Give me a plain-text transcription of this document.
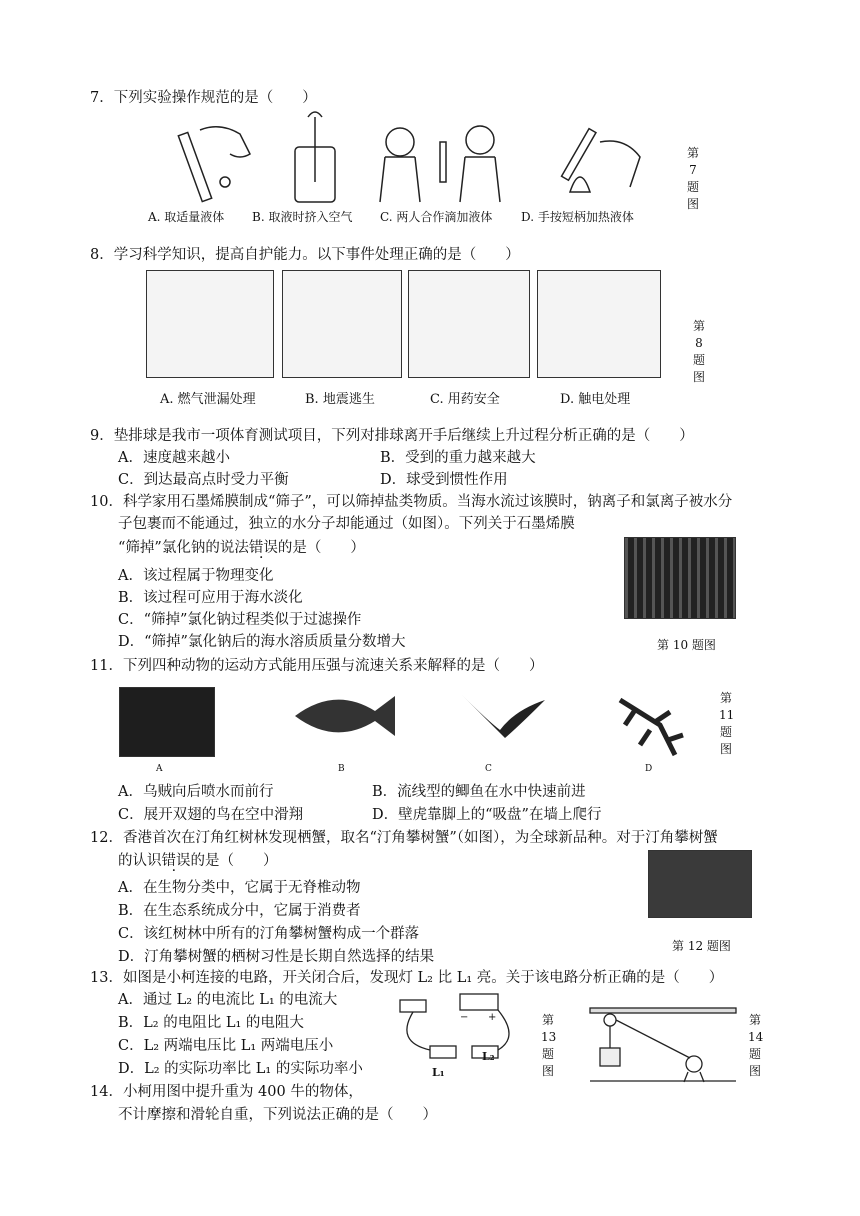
7．下列实验操作规范的是（　　）
A. 取适量液体 B. 取液时挤入空气 C. 两人合作滴加液体 D. 手按短柄加热液体
第
7
题
图
8．学习科学知识，提高自护能力。以下事件处理正确的是（　　）
A. 燃气泄漏处理	B. 地震逃生	C. 用药安全	D. 触电处理
第
8
题
图
9．垫排球是我市一项体育测试项目，下列对排球离开手后继续上升过程分析正确的是（　　）
A．速度越来越小	B．受到的重力越来越大
C．到达最高点时受力平衡	D．球受到惯性作用
10．科学家用石墨烯膜制成“筛子”，可以筛掉盐类物质。当海水流过该膜时，钠离子和氯离子被水分
子包裹而不能通过，独立的水分子却能通过（如图）。下列关于石墨烯膜
“筛掉”氯化钠的说法错误的是（　　）
A．该过程属于物理变化
B．该过程可应用于海水淡化
C．“筛掉”氯化钠过程类似于过滤操作
D．“筛掉”氯化钠后的海水溶质质量分数增大	第 10 题图
11．下列四种动物的运动方式能用压强与流速关系来解释的是（　　）
A	B	C	D
第
11
题
图
A．乌贼向后喷水而前行	B．流线型的鲫鱼在水中快速前进
C．展开双翅的鸟在空中滑翔	D．壁虎靠脚上的“吸盘”在墙上爬行
12．香港首次在汀角红树林发现栖蟹，取名“汀角攀树蟹”（如图），为全球新品种。对于汀角攀树蟹
的认识错误的是（　　）
A．在生物分类中，它属于无脊椎动物
B．在生态系统成分中，它属于消费者
C．该红树林中所有的汀角攀树蟹构成一个群落
D．汀角攀树蟹的栖树习性是长期自然选择的结果
第 12 题图
13．如图是小柯连接的电路，开关闭合后，发现灯 L₂ 比 L₁ 亮。关于该电路分析正确的是（　　）
A．通过 L₂ 的电流比 L₁ 的电流大
B．L₂ 的电阻比 L₁ 的电阻大
C．L₂ 两端电压比 L₁ 两端电压小
D．L₂ 的实际功率比 L₁ 的实际功率小
− +
L₁
L₂
第
13
题
图
第
14
题
图
14．小柯用图中提升重为 400 牛的物体，
不计摩擦和滑轮自重，下列说法正确的是（　　）
